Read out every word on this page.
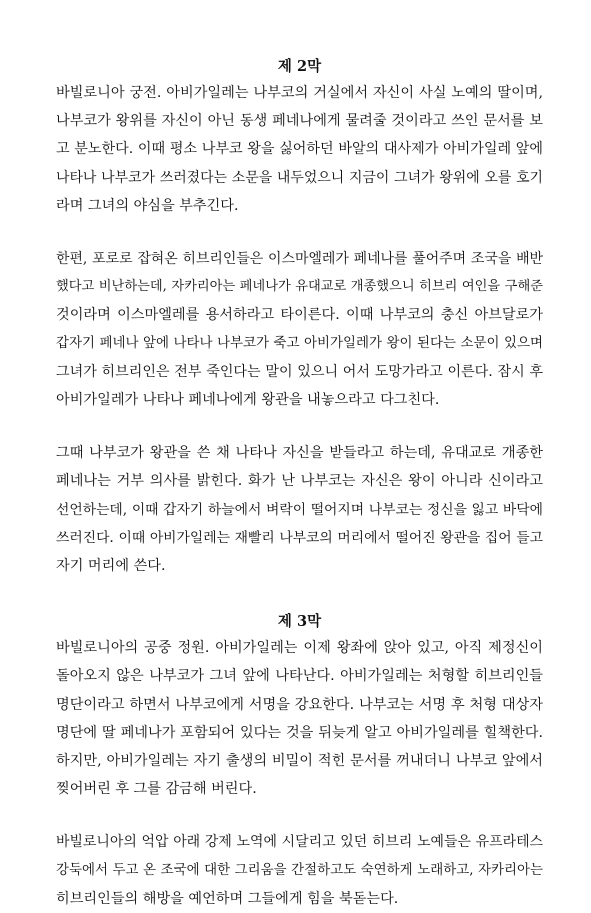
제 2막

바빌로니아 궁전. 아비가일레는 나부코의 거실에서 자신이 사실 노예의 딸이며,
나부코가 왕위를 자신이 아닌 동생 페네나에게 물려줄 것이라고 쓰인 문서를 보
고 분노한다. 이때 평소 나부코 왕을 싫어하던 바알의 대사제가 아비가일레 앞에
나타나 나부코가 쓰러졌다는 소문을 내두었으니 지금이 그녀가 왕위에 오를 호기
라며 그녀의 야심을 부추긴다.

한편, 포로로 잡혀온 히브리인들은 이스마엘레가 페네나를 풀어주며 조국을 배반
했다고 비난하는데, 자카리아는 페네나가 유대교로 개종했으니 히브리 여인을 구해준
것이라며 이스마엘레를 용서하라고 타이른다. 이때 나부코의 충신 아브달로가
갑자기 페네나 앞에 나타나 나부코가 죽고 아비가일레가 왕이 된다는 소문이 있으며
그녀가 히브리인은 전부 죽인다는 말이 있으니 어서 도망가라고 이른다. 잠시 후
아비가일레가 나타나 페네나에게 왕관을 내놓으라고 다그친다.

그때 나부코가 왕관을 쓴 채 나타나 자신을 받들라고 하는데, 유대교로 개종한
페네나는 거부 의사를 밝힌다. 화가 난 나부코는 자신은 왕이 아니라 신이라고
선언하는데, 이때 갑자기 하늘에서 벼락이 떨어지며 나부코는 정신을 잃고 바닥에
쓰러진다. 이때 아비가일레는 재빨리 나부코의 머리에서 떨어진 왕관을 집어 들고
자기 머리에 쓴다.

제 3막

바빌로니아의 공중 정원. 아비가일레는 이제 왕좌에 앉아 있고, 아직 제정신이
돌아오지 않은 나부코가 그녀 앞에 나타난다. 아비가일레는 처형할 히브리인들
명단이라고 하면서 나부코에게 서명을 강요한다. 나부코는 서명 후 처형 대상자
명단에 딸 페네나가 포함되어 있다는 것을 뒤늦게 알고 아비가일레를 힐책한다.
하지만, 아비가일레는 자기 출생의 비밀이 적힌 문서를 꺼내더니 나부코 앞에서
찢어버린 후 그를 감금해 버린다.

바빌로니아의 억압 아래 강제 노역에 시달리고 있던 히브리 노예들은 유프라테스
강둑에서 두고 온 조국에 대한 그리움을 간절하고도 숙연하게 노래하고, 자카리아는
히브리인들의 해방을 예언하며 그들에게 힘을 북돋는다.
